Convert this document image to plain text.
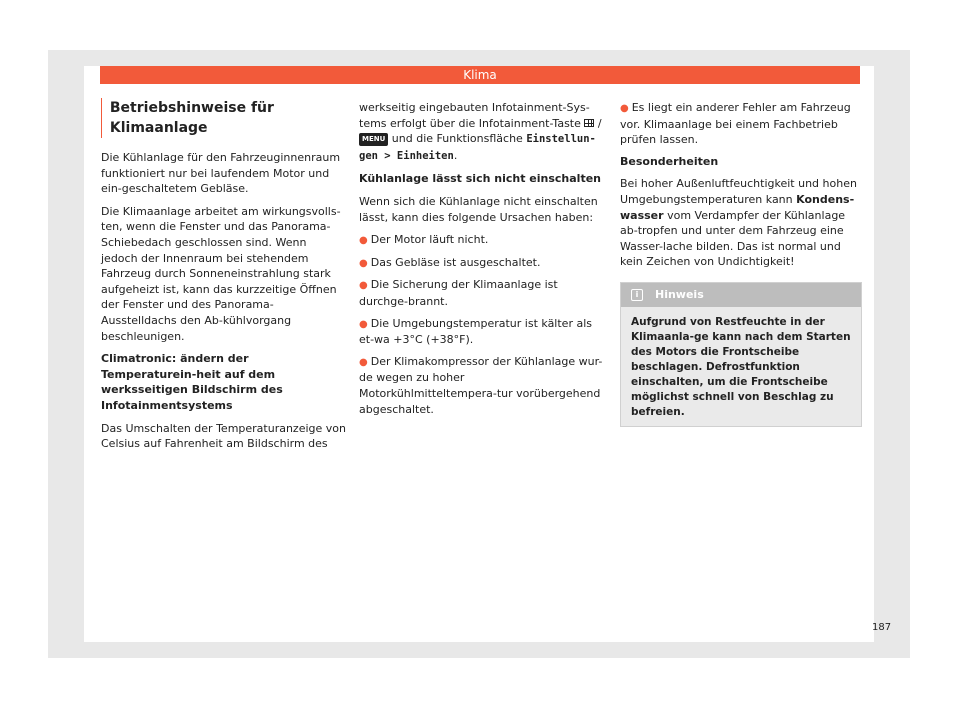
Klima
Betriebshinweise für Klimaanlage

Die Kühlanlage für den Fahrzeuginnenraum funktioniert nur bei laufendem Motor und ein-geschaltetem Gebläse.

Die Klimaanlage arbeitet am wirkungsvolls-ten, wenn die Fenster und das Panorama-Schiebedach geschlossen sind. Wenn jedoch der Innenraum bei stehendem Fahrzeug durch Sonneneinstrahlung stark aufgeheizt ist, kann das kurzzeitige Öffnen der Fenster und des Panorama-Ausstelldachs den Ab-kühlvorgang beschleunigen.

Climatronic: ändern der Temperaturein-heit auf dem werksseitigen Bildschirm des Infotainmentsystems

Das Umschalten der Temperaturanzeige von Celsius auf Fahrenheit am Bildschirm des

werkseitig eingebauten Infotainment-Sys-tems erfolgt über die Infotainment-Taste / MENU und die Funktionsfläche Einstellun-gen > Einheiten.

Kühlanlage lässt sich nicht einschalten

Wenn sich die Kühlanlage nicht einschalten lässt, kann dies folgende Ursachen haben:

● Der Motor läuft nicht.
● Das Gebläse ist ausgeschaltet.
● Die Sicherung der Klimaanlage ist durchge-brannt.
● Die Umgebungstemperatur ist kälter als et-wa +3°C (+38°F).
● Der Klimakompressor der Kühlanlage wur-de wegen zu hoher Motorkühlmitteltempera-tur vorübergehend abgeschaltet.
● Es liegt ein anderer Fehler am Fahrzeug vor. Klimaanlage bei einem Fachbetrieb prüfen lassen.

Besonderheiten

Bei hoher Außenluftfeuchtigkeit und hohen Umgebungstemperaturen kann Kondens-wasser vom Verdampfer der Kühlanlage ab-tropfen und unter dem Fahrzeug eine Wasser-lache bilden. Das ist normal und kein Zeichen von Undichtigkeit!

i	Hinweis
Aufgrund von Restfeuchte in der Klimaanla-ge kann nach dem Starten des Motors die Frontscheibe beschlagen. Defrostfunktion einschalten, um die Frontscheibe möglichst schnell von Beschlag zu befreien.
187
